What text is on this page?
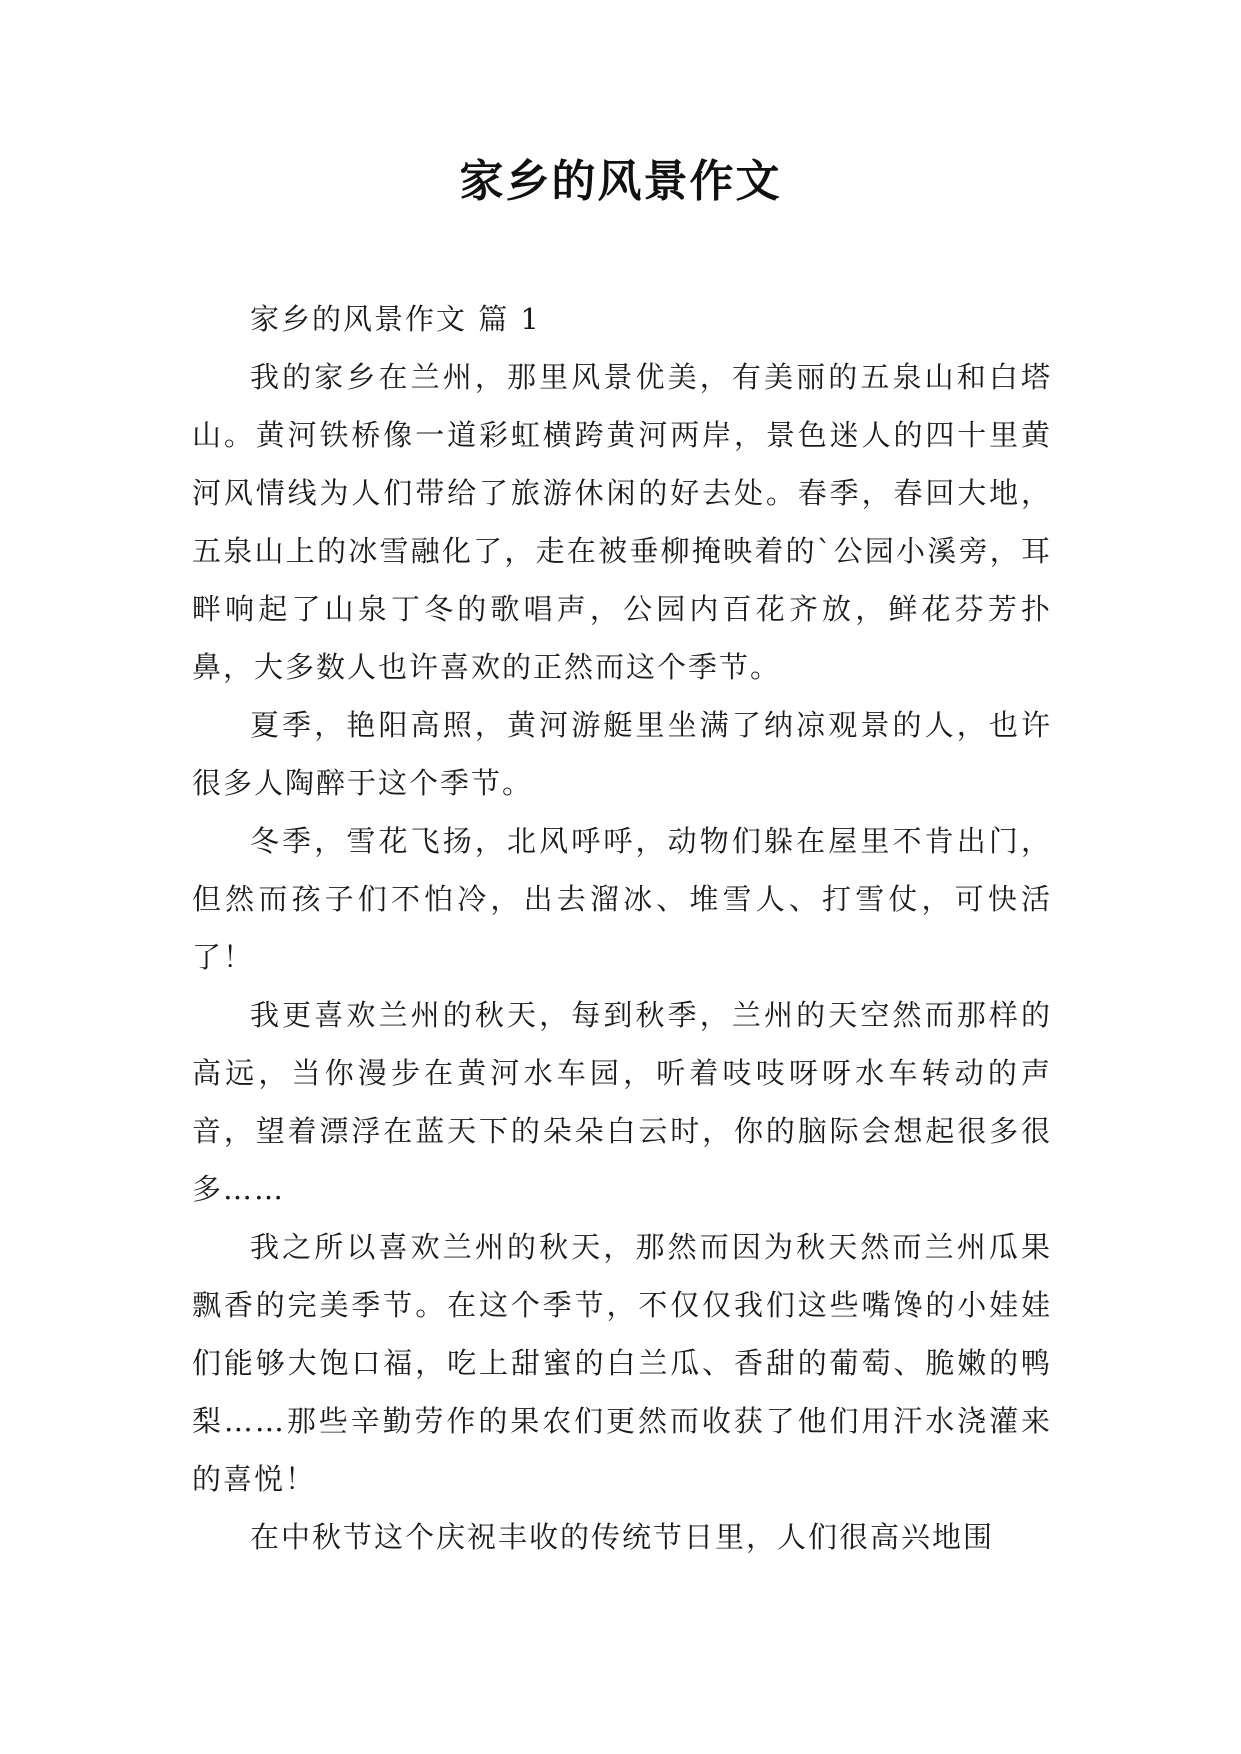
家乡的风景作文

家乡的风景作文 篇 1

我的家乡在兰州，那里风景优美，有美丽的五泉山和白塔山。黄河铁桥像一道彩虹横跨黄河两岸，景色迷人的四十里黄河风情线为人们带给了旅游休闲的好去处。春季，春回大地，五泉山上的冰雪融化了，走在被垂柳掩映着的`公园小溪旁，耳畔响起了山泉丁冬的歌唱声，公园内百花齐放，鲜花芬芳扑鼻，大多数人也许喜欢的正然而这个季节。

夏季，艳阳高照，黄河游艇里坐满了纳凉观景的人，也许很多人陶醉于这个季节。

冬季，雪花飞扬，北风呼呼，动物们躲在屋里不肯出门，但然而孩子们不怕冷，出去溜冰、堆雪人、打雪仗，可快活了！

我更喜欢兰州的秋天，每到秋季，兰州的天空然而那样的高远，当你漫步在黄河水车园，听着吱吱呀呀水车转动的声音，望着漂浮在蓝天下的朵朵白云时，你的脑际会想起很多很多……

我之所以喜欢兰州的秋天，那然而因为秋天然而兰州瓜果飘香的完美季节。在这个季节，不仅仅我们这些嘴馋的小娃娃们能够大饱口福，吃上甜蜜的白兰瓜、香甜的葡萄、脆嫩的鸭梨……那些辛勤劳作的果农们更然而收获了他们用汗水浇灌来的喜悦！

在中秋节这个庆祝丰收的传统节日里，人们很高兴地围
